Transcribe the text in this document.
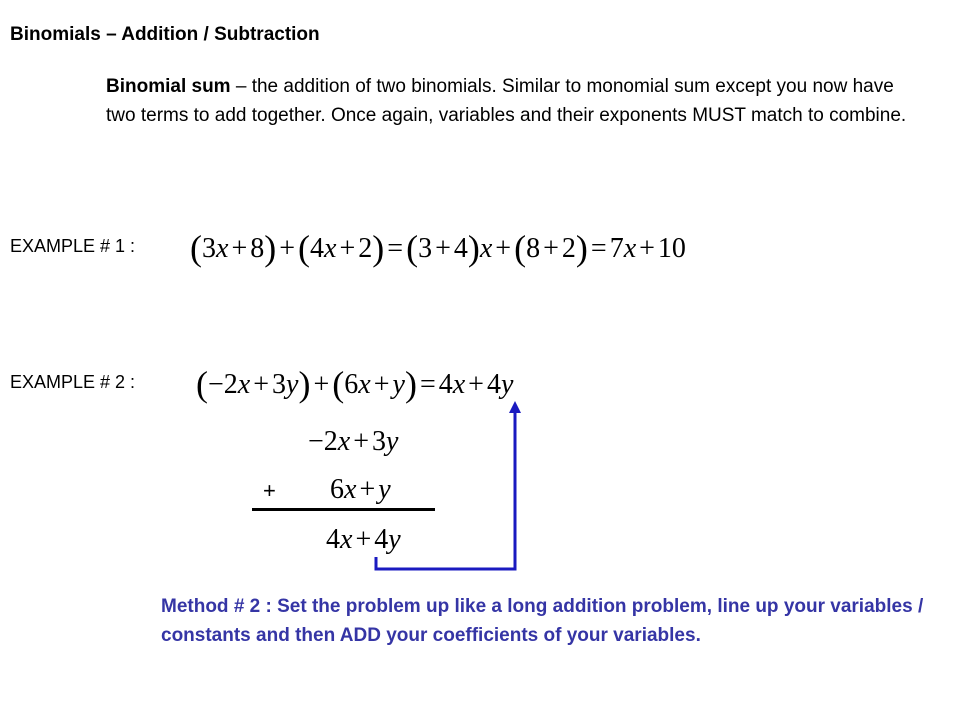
Binomials – Addition / Subtraction
Binomial sum – the addition of two binomials. Similar to monomial sum except you now have two terms to add together. Once again, variables and their exponents MUST match to combine.
EXAMPLE # 1 : (3x + 8) +(4x + 2) =(3 + 4)x +(8 + 2) = 7x + 10
EXAMPLE # 2 : (−2x + 3y) +(6x + y) = 4x + 4y
−2x + 3y
+ 6x + y
4x + 4y
Method # 2 : Set the problem up like a long addition problem, line up your variables / constants and then ADD your coefficients of your variables.
